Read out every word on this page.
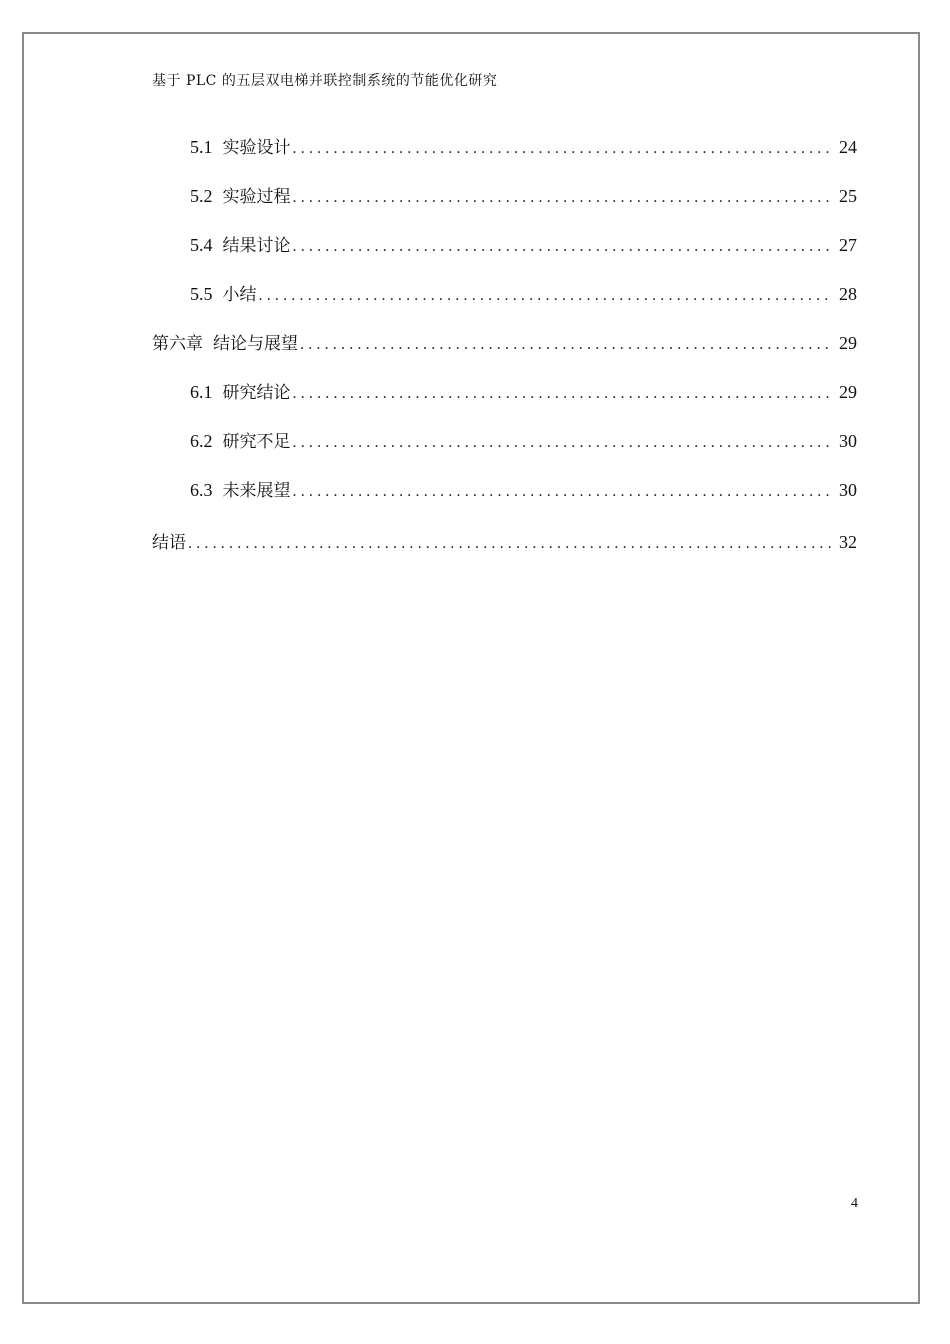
基于 PLC 的五层双电梯并联控制系统的节能优化研究
5.1 实验设计 .....	24
5.2 实验过程 .....	25
5.4 结果讨论 .....	27
5.5 小结 .....	28
第六章 结论与展望 .....	29
6.1 研究结论 .....	29
6.2 研究不足 .....	30
6.3 未来展望 .....	30
结语 .....	32
4
